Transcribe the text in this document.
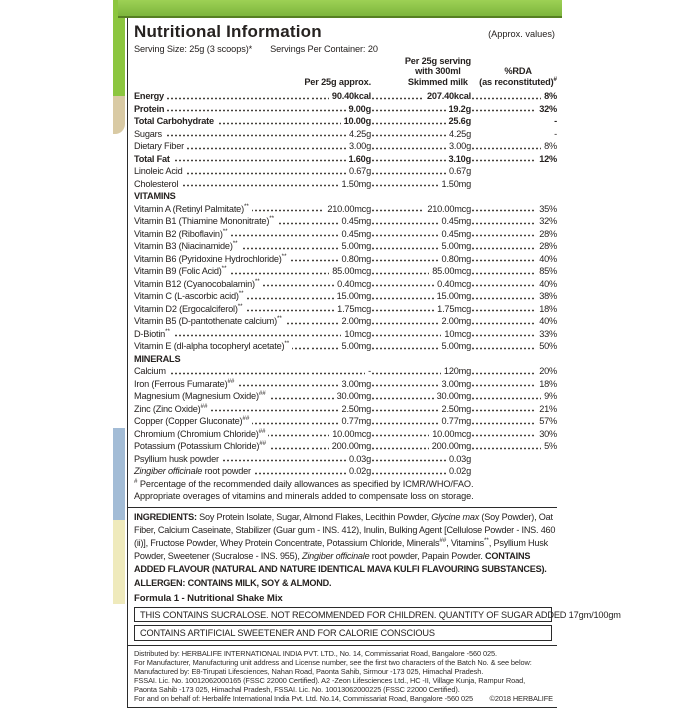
Nutritional Information	(Approx. values)
Serving Size: 25g (3 scoops)* Servings Per Container: 20
Per 25g approx.
Per 25g serving
with 300ml
Skimmed milk
%RDA
(as reconstituted)#
Energy	90.40kcal	207.40kcal	8%
Protein	9.00g	19.2g	32%
Total Carbohydrate	10.00g	25.6g	-
Sugars	4.25g	4.25g	-
Dietary Fiber	3.00g	3.00g	8%
Total Fat	1.60g	3.10g	12%
Linoleic Acid	0.67g	0.67g
Cholesterol	1.50mg	1.50mg
VITAMINS
Vitamin A (Retinyl Palmitate)**	210.00mcg	210.00mcg	35%
Vitamin B1 (Thiamine Mononitrate)**	0.45mg	0.45mg	32%
Vitamin B2 (Riboflavin)**	0.45mg	0.45mg	28%
Vitamin B3 (Niacinamide)**	5.00mg	5.00mg	28%
Vitamin B6 (Pyridoxine Hydrochloride)**	0.80mg	0.80mg	40%
Vitamin B9 (Folic Acid)**	85.00mcg	85.00mcg	85%
Vitamin B12 (Cyanocobalamin)**	0.40mcg	0.40mcg	40%
Vitamin C (L-ascorbic acid)**	15.00mg	15.00mg	38%
Vitamin D2 (Ergocalciferol)**	1.75mcg	1.75mcg	18%
Vitamin B5 (D-pantothenate calcium)**	2.00mg	2.00mg	40%
D-Biotin**	10mcg	10mcg	33%
Vitamin E (dl-alpha tocopheryl acetate)**	5.00mg	5.00mg	50%
MINERALS
Calcium	-	120mg	20%
Iron (Ferrous Fumarate)##	3.00mg	3.00mg	18%
Magnesium (Magnesium Oxide)##	30.00mg	30.00mg	9%
Zinc (Zinc Oxide)##	2.50mg	2.50mg	21%
Copper (Copper Gluconate)##	0.77mg	0.77mg	57%
Chromium (Chromium Chloride)##	10.00mcg	10.00mcg	30%
Potassium (Potassium Chloride)##	200.00mg	200.00mg	5%
Psyllium husk powder	0.03g	0.03g
Zingiber officinale root powder	0.02g	0.02g
# Percentage of the recommended daily allowances as specified by ICMR/WHO/FAO.
Appropriate overages of vitamins and minerals added to compensate loss on storage.
INGREDIENTS: Soy Protein Isolate, Sugar, Almond Flakes, Lecithin Powder, Glycine max (Soy Powder), Oat Fiber, Calcium Caseinate, Stabilizer (Guar gum - INS. 412), Inulin, Bulking Agent [Cellulose Powder - INS. 460 (ii)], Fructose Powder, Whey Protein Concentrate, Potassium Chloride, Minerals##, Vitamins**, Psyllium Husk Powder, Sweetener (Sucralose - INS. 955), Zingiber officinale root powder, Papain Powder. CONTAINS ADDED FLAVOUR (NATURAL AND NATURE IDENTICAL MAVA KULFI FLAVOURING SUBSTANCES). ALLERGEN: CONTAINS MILK, SOY & ALMOND.
Formula 1 - Nutritional Shake Mix
THIS CONTAINS SUCRALOSE. NOT RECOMMENDED FOR CHILDREN. QUANTITY OF SUGAR ADDED 17gm/100gm
CONTAINS ARTIFICIAL SWEETENER AND FOR CALORIE CONSCIOUS
Distributed by: HERBALIFE INTERNATIONAL INDIA PVT. LTD., No. 14, Commissariat Road, Bangalore -560 025.
For Manufacturer, Manufacturing unit address and License number, see the first two characters of the Batch No. & see below:
Manufactured by: E8-Tirupati Lifesciences, Nahan Road, Paonta Sahib, Sirmour -173 025, Himachal Pradesh.
FSSAI. Lic. No. 10012062000165 (FSSC 22000 Certified). A2 -Zeon Lifesciences Ltd., HC -II, Village Kunja, Rampur Road,
Paonta Sahib -173 025, Himachal Pradesh, FSSAI. Lic. No. 10013062000225 (FSSC 22000 Certified).
For and on behalf of: Herbalife International India Pvt. Ltd. No.14, Commissariat Road, Bangalore -560 025 ©2018 HERBALIFE
